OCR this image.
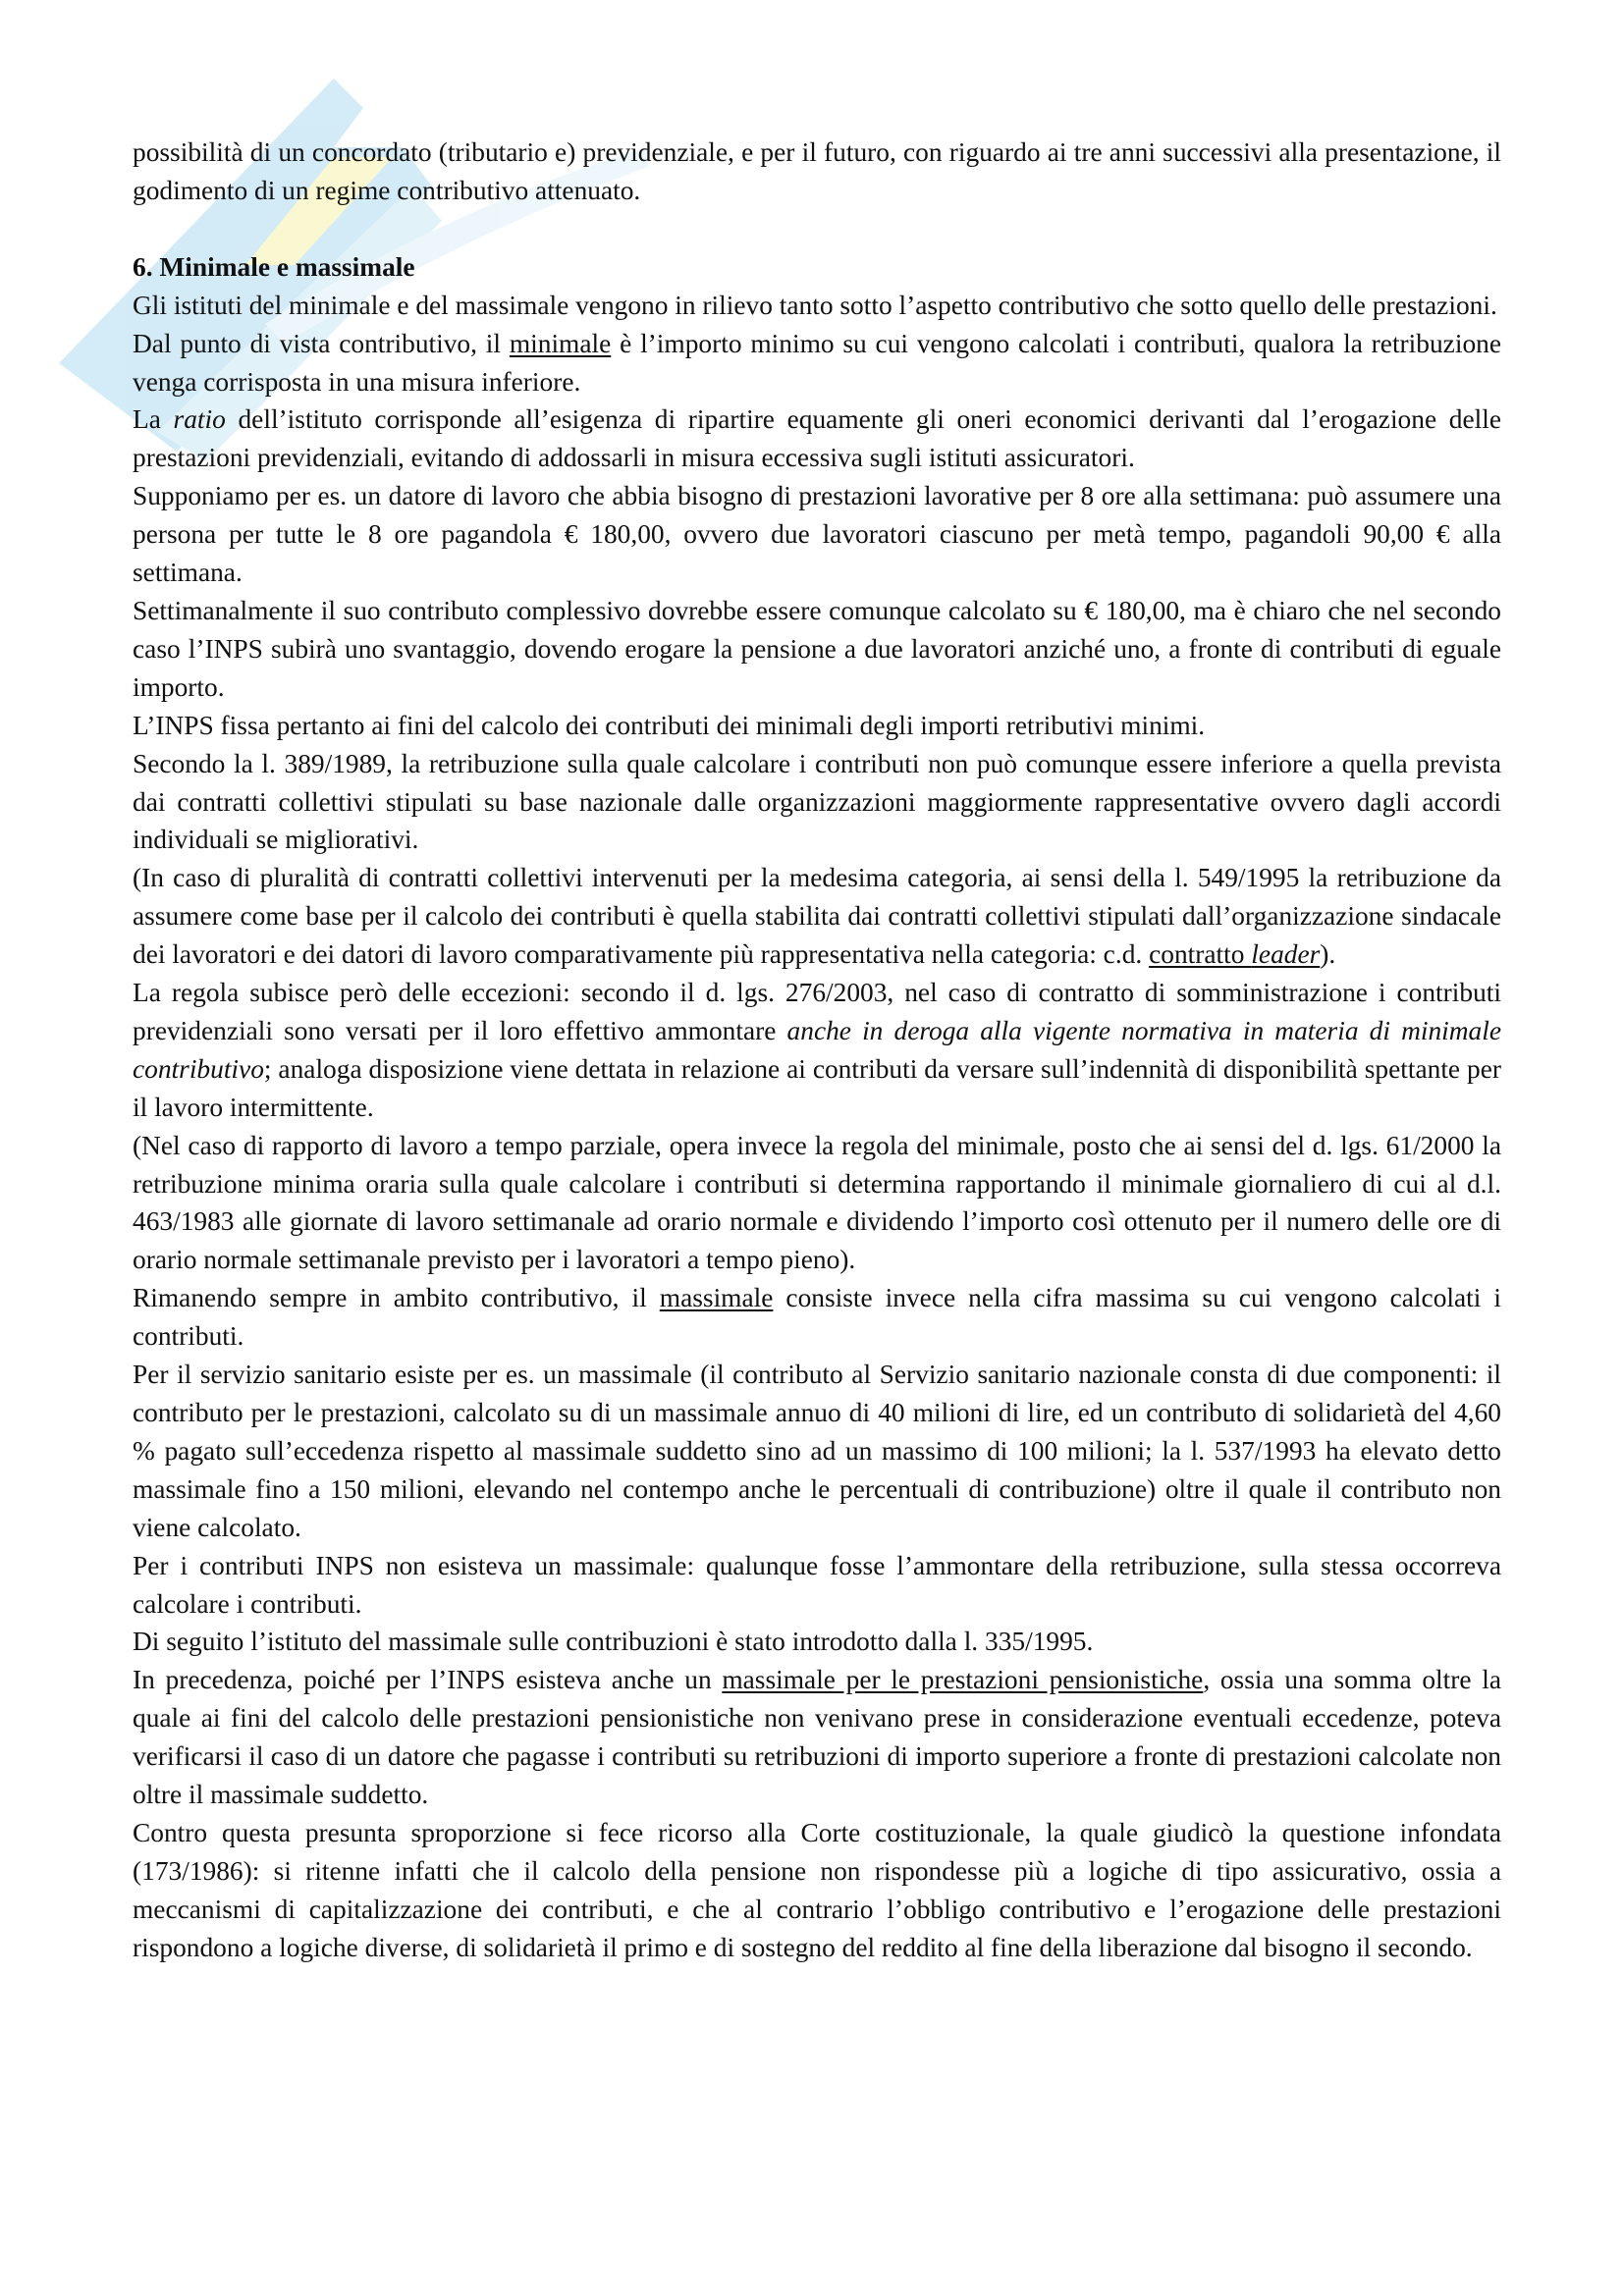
possibilità di un concordato (tributario e) previdenziale, e per il futuro, con riguardo ai tre anni successivi alla presentazione, il godimento di un regime contributivo attenuato.

6. Minimale e massimale

Gli istituti del minimale e del massimale vengono in rilievo tanto sotto l’aspetto contributivo che sotto quello delle prestazioni.

Dal punto di vista contributivo, il minimale è l’importo minimo su cui vengono calcolati i contributi, qualora la retribuzione venga corrisposta in una misura inferiore.

La ratio dell’istituto corrisponde all’esigenza di ripartire equamente gli oneri economici derivanti dal l’erogazione delle prestazioni previdenziali, evitando di addossarli in misura eccessiva sugli istituti assicuratori.

Supponiamo per es. un datore di lavoro che abbia bisogno di prestazioni lavorative per 8 ore alla settimana: può assumere una persona per tutte le 8 ore pagandola € 180,00, ovvero due lavoratori ciascuno per metà tempo, pagandoli 90,00 € alla settimana.

Settimanalmente il suo contributo complessivo dovrebbe essere comunque calcolato su € 180,00, ma è chiaro che nel secondo caso l’INPS subirà uno svantaggio, dovendo erogare la pensione a due lavoratori anziché uno, a fronte di contributi di eguale importo.

L’INPS fissa pertanto ai fini del calcolo dei contributi dei minimali degli importi retributivi minimi.

Secondo la l. 389/1989, la retribuzione sulla quale calcolare i contributi non può comunque essere inferiore a quella prevista dai contratti collettivi stipulati su base nazionale dalle organizzazioni maggiormente rappresentative ovvero dagli accordi individuali se migliorativi.

(In caso di pluralità di contratti collettivi intervenuti per la medesima categoria, ai sensi della l. 549/1995 la retribuzione da assumere come base per il calcolo dei contributi è quella stabilita dai contratti collettivi stipulati dall’organizzazione sindacale dei lavoratori e dei datori di lavoro comparativamente più rappresentativa nella categoria: c.d. contratto leader).

La regola subisce però delle eccezioni: secondo il d. lgs. 276/2003, nel caso di contratto di somministrazione i contributi previdenziali sono versati per il loro effettivo ammontare anche in deroga alla vigente normativa in materia di minimale contributivo; analoga disposizione viene dettata in relazione ai contributi da versare sull’indennità di disponibilità spettante per il lavoro intermittente.

(Nel caso di rapporto di lavoro a tempo parziale, opera invece la regola del minimale, posto che ai sensi del d. lgs. 61/2000 la retribuzione minima oraria sulla quale calcolare i contributi si determina rapportando il minimale giornaliero di cui al d.l. 463/1983 alle giornate di lavoro settimanale ad orario normale e dividendo l’importo così ottenuto per il numero delle ore di orario normale settimanale previsto per i lavoratori a tempo pieno).

Rimanendo sempre in ambito contributivo, il massimale consiste invece nella cifra massima su cui vengono calcolati i contributi.

Per il servizio sanitario esiste per es. un massimale (il contributo al Servizio sanitario nazionale consta di due componenti: il contributo per le prestazioni, calcolato su di un massimale annuo di 40 milioni di lire, ed un contributo di solidarietà del 4,60 % pagato sull’eccedenza rispetto al massimale suddetto sino ad un massimo di 100 milioni; la l. 537/1993 ha elevato detto massimale fino a 150 milioni, elevando nel contempo anche le percentuali di contribuzione) oltre il quale il contributo non viene calcolato.

Per i contributi INPS non esisteva un massimale: qualunque fosse l’ammontare della retribuzione, sulla stessa occorreva calcolare i contributi.

Di seguito l’istituto del massimale sulle contribuzioni è stato introdotto dalla l. 335/1995.

In precedenza, poiché per l’INPS esisteva anche un massimale per le prestazioni pensionistiche, ossia una somma oltre la quale ai fini del calcolo delle prestazioni pensionistiche non venivano prese in considerazione eventuali eccedenze, poteva verificarsi il caso di un datore che pagasse i contributi su retribuzioni di importo superiore a fronte di prestazioni calcolate non oltre il massimale suddetto.

Contro questa presunta sproporzione si fece ricorso alla Corte costituzionale, la quale giudicò la questione infondata (173/1986): si ritenne infatti che il calcolo della pensione non rispondesse più a logiche di tipo assicurativo, ossia a meccanismi di capitalizzazione dei contributi, e che al contrario l’obbligo contributivo e l’erogazione delle prestazioni rispondono a logiche diverse, di solidarietà il primo e di sostegno del reddito al fine della liberazione dal bisogno il secondo.
